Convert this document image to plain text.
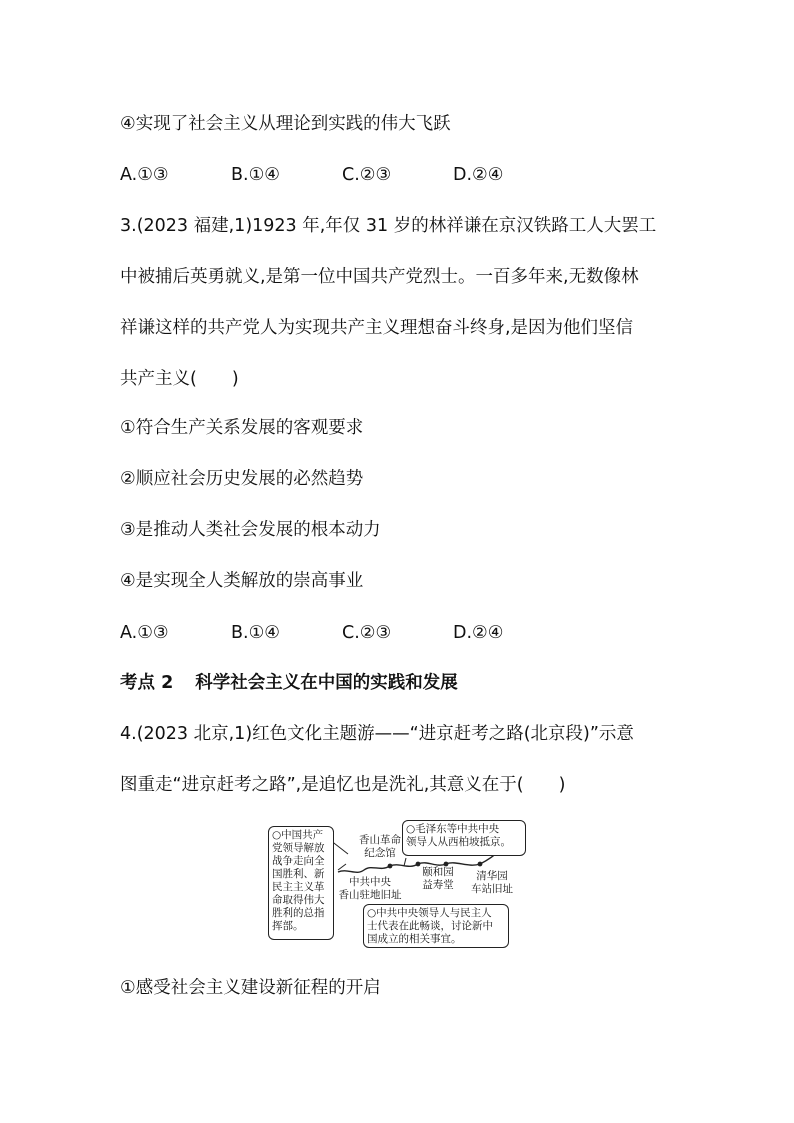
④实现了社会主义从理论到实践的伟大飞跃
A.①③	B.①④	C.②③	D.②④
3.(2023 福建,1)1923 年,年仅 31 岁的林祥谦在京汉铁路工人大罢工
中被捕后英勇就义,是第一位中国共产党烈士。一百多年来,无数像林
祥谦这样的共产党人为实现共产主义理想奋斗终身,是因为他们坚信
共产主义(　　)
①符合生产关系发展的客观要求
②顺应社会历史发展的必然趋势
③是推动人类社会发展的根本动力
④是实现全人类解放的崇高事业
A.①③	B.①④	C.②③	D.②④
考点 2 科学社会主义在中国的实践和发展
4.(2023 北京,1)红色文化主题游——“进京赶考之路(北京段)”示意
图重走“进京赶考之路”,是追忆也是洗礼,其意义在于(　　)
○中国共产
党领导解放
战争走向全
国胜利、新
民主主义革
命取得伟大
胜利的总指
挥部。
○毛泽东等中共中央
领导人从西柏坡抵京。
○中共中央领导人与民主人
士代表在此畅谈，讨论新中
国成立的相关事宜。
香山革命
纪念馆
中共中央
香山驻地旧址
颐和园
益寿堂
清华园
车站旧址
①感受社会主义建设新征程的开启
